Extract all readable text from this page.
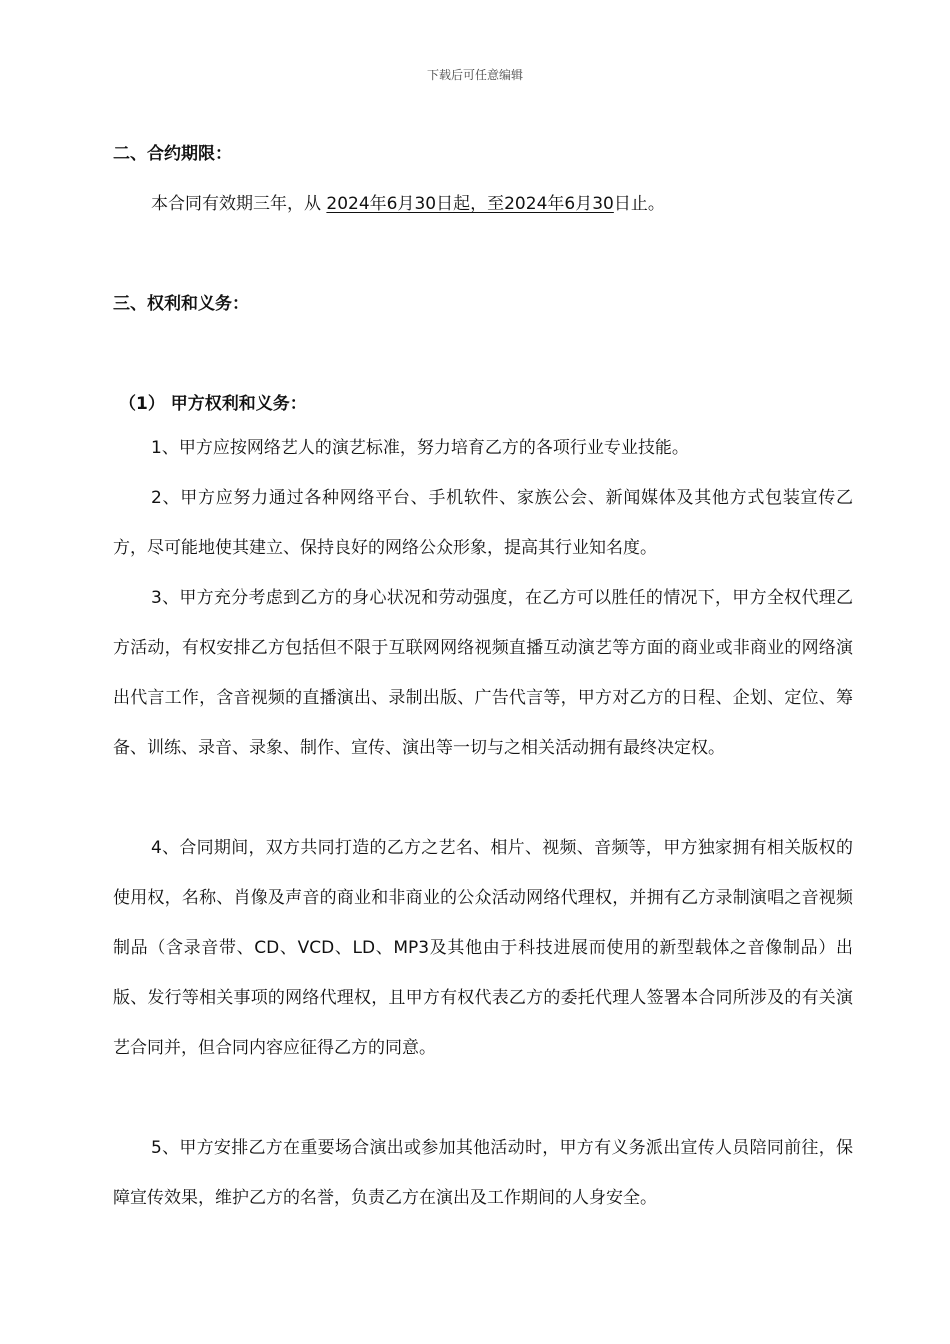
下载后可任意编辑
二、合约期限：
本合同有效期三年，从 2024年6月30日起，至2024年6月30日止。
三、权利和义务：
（1） 甲方权利和义务：
1、甲方应按网络艺人的演艺标准，努力培育乙方的各项行业专业技能。
2、甲方应努力通过各种网络平台、手机软件、家族公会、新闻媒体及其他方式包装宣传乙方，尽可能地使其建立、保持良好的网络公众形象，提高其行业知名度。
3、甲方充分考虑到乙方的身心状况和劳动强度，在乙方可以胜任的情况下，甲方全权代理乙方活动，有权安排乙方包括但不限于互联网网络视频直播互动演艺等方面的商业或非商业的网络演出代言工作，含音视频的直播演出、录制出版、广告代言等，甲方对乙方的日程、企划、定位、筹备、训练、录音、录象、制作、宣传、演出等一切与之相关活动拥有最终决定权。
4、合同期间，双方共同打造的乙方之艺名、相片、视频、音频等，甲方独家拥有相关版权的使用权，名称、肖像及声音的商业和非商业的公众活动网络代理权，并拥有乙方录制演唱之音视频制品（含录音带、CD、VCD、LD、MP3及其他由于科技进展而使用的新型载体之音像制品）出版、发行等相关事项的网络代理权，且甲方有权代表乙方的委托代理人签署本合同所涉及的有关演艺合同并，但合同内容应征得乙方的同意。
5、甲方安排乙方在重要场合演出或参加其他活动时，甲方有义务派出宣传人员陪同前往，保障宣传效果，维护乙方的名誉，负责乙方在演出及工作期间的人身安全。
